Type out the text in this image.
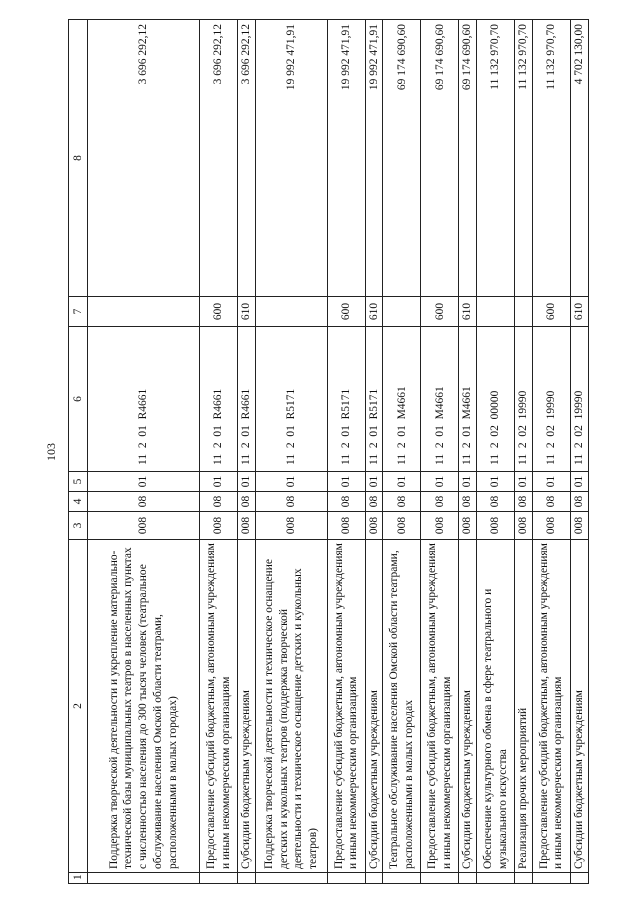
103
1	2	3	4	5	6	7	8
	Поддержка творческой деятельности и укрепление материально-технической базы муниципальных театров в населенных пунктах с численностью населения до 300 тысяч человек (театральное обслуживание населения Омской области театрами, расположенными в малых городах)	008	08	01	11  2  01  R4661		3 696 292,12
	Предоставление субсидий бюджетным, автономным учреждениям и иным некоммерческим организациям	008	08	01	11  2  01  R4661	600	3 696 292,12
	Субсидии бюджетным учреждениям	008	08	01	11  2  01  R4661	610	3 696 292,12
	Поддержка творческой деятельности и техническое оснащение детских и кукольных театров (поддержка творческой деятельности и техническое оснащение детских и кукольных театров)	008	08	01	11  2  01  R5171		19 992 471,91
	Предоставление субсидий бюджетным, автономным учреждениям и иным некоммерческим организациям	008	08	01	11  2  01  R5171	600	19 992 471,91
	Субсидии бюджетным учреждениям	008	08	01	11  2  01  R5171	610	19 992 471,91
	Театральное обслуживание населения Омской области театрами, расположенными в малых городах	008	08	01	11  2  01  M4661		69 174 690,60
	Предоставление субсидий бюджетным, автономным учреждениям и иным некоммерческим организациям	008	08	01	11  2  01  M4661	600	69 174 690,60
	Субсидии бюджетным учреждениям	008	08	01	11  2  01  M4661	610	69 174 690,60
	Обеспечение культурного обмена в сфере театрального и музыкального искусства	008	08	01	11  2  02  00000		11 132 970,70
	Реализация прочих мероприятий	008	08	01	11  2  02  19990		11 132 970,70
	Предоставление субсидий бюджетным, автономным учреждениям и иным некоммерческим организациям	008	08	01	11  2  02  19990	600	11 132 970,70
	Субсидии бюджетным учреждениям	008	08	01	11  2  02  19990	610	4 702 130,00
